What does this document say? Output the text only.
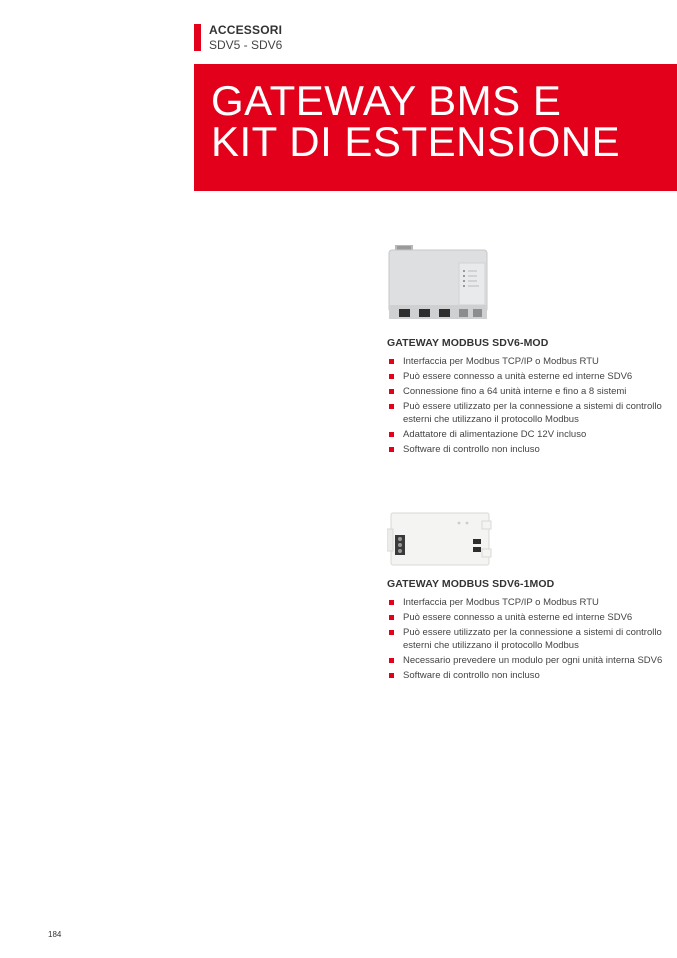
ACCESSORI
SDV5 - SDV6
GATEWAY BMS E
KIT DI ESTENSIONE
GATEWAY MODBUS SDV6-MOD
Interfaccia per Modbus TCP/IP o Modbus RTU
Può essere connesso a unità esterne ed interne SDV6
Connessione fino a 64 unità interne e fino a 8 sistemi
Può essere utilizzato per la connessione a sistemi di controllo esterni che utilizzano il protocollo Modbus
Adattatore di alimentazione DC 12V incluso
Software di controllo non incluso
GATEWAY MODBUS SDV6-1MOD
Interfaccia per Modbus TCP/IP o Modbus RTU
Può essere connesso a unità esterne ed interne SDV6
Può essere utilizzato per la connessione a sistemi di controllo esterni che utilizzano il protocollo Modbus
Necessario prevedere un modulo per ogni unità interna SDV6
Software di controllo non incluso
184
